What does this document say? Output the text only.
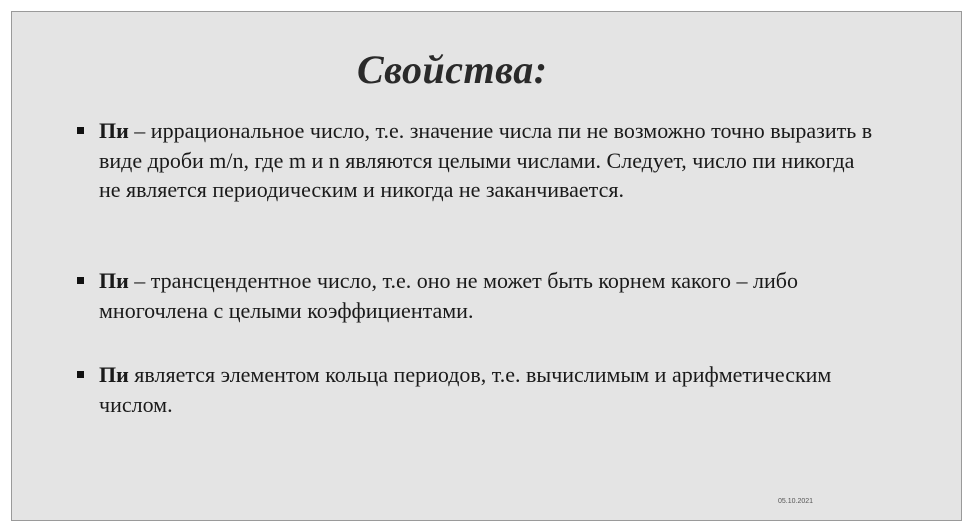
Свойства:
Пи – иррациональное число, т.е. значение числа пи не возможно точно выразить в виде дроби m/n, где m и n являются целыми числами. Следует, число пи никогда не является периодическим и никогда не заканчивается.
Пи – трансцендентное число, т.е. оно не может быть корнем какого – либо многочлена с целыми коэффициентами.
Пи является элементом кольца периодов, т.е. вычислимым и арифметическим числом.
05.10.2021
